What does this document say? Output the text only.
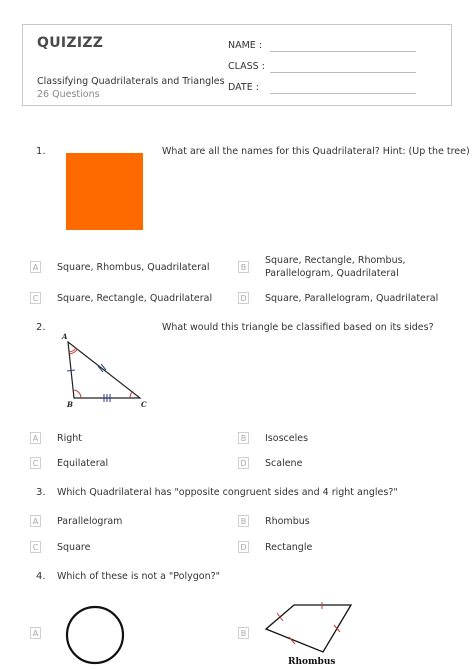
QUIZIZZ
Classifying Quadrilaterals and Triangles
26 Questions
NAME :
CLASS :
DATE :
1.	What are all the names for this Quadrilateral? Hint: (Up the tree)
A Square, Rhombus, Quadrilateral	B
Square, Rectangle, Rhombus,
Parallelogram, Quadrilateral
C Square, Rectangle, Quadrilateral	D Square, Parallelogram, Quadrilateral
2.	What would this triangle be classified based on its sides?
A
B	C
A Right	B Isosceles
C Equilateral	D Scalene
3. Which Quadrilateral has "opposite congruent sides and 4 right angles?"
A Parallelogram	B Rhombus
C Square	D Rectangle
4. Which of these is not a "Polygon?"
A	B
Rhombus
